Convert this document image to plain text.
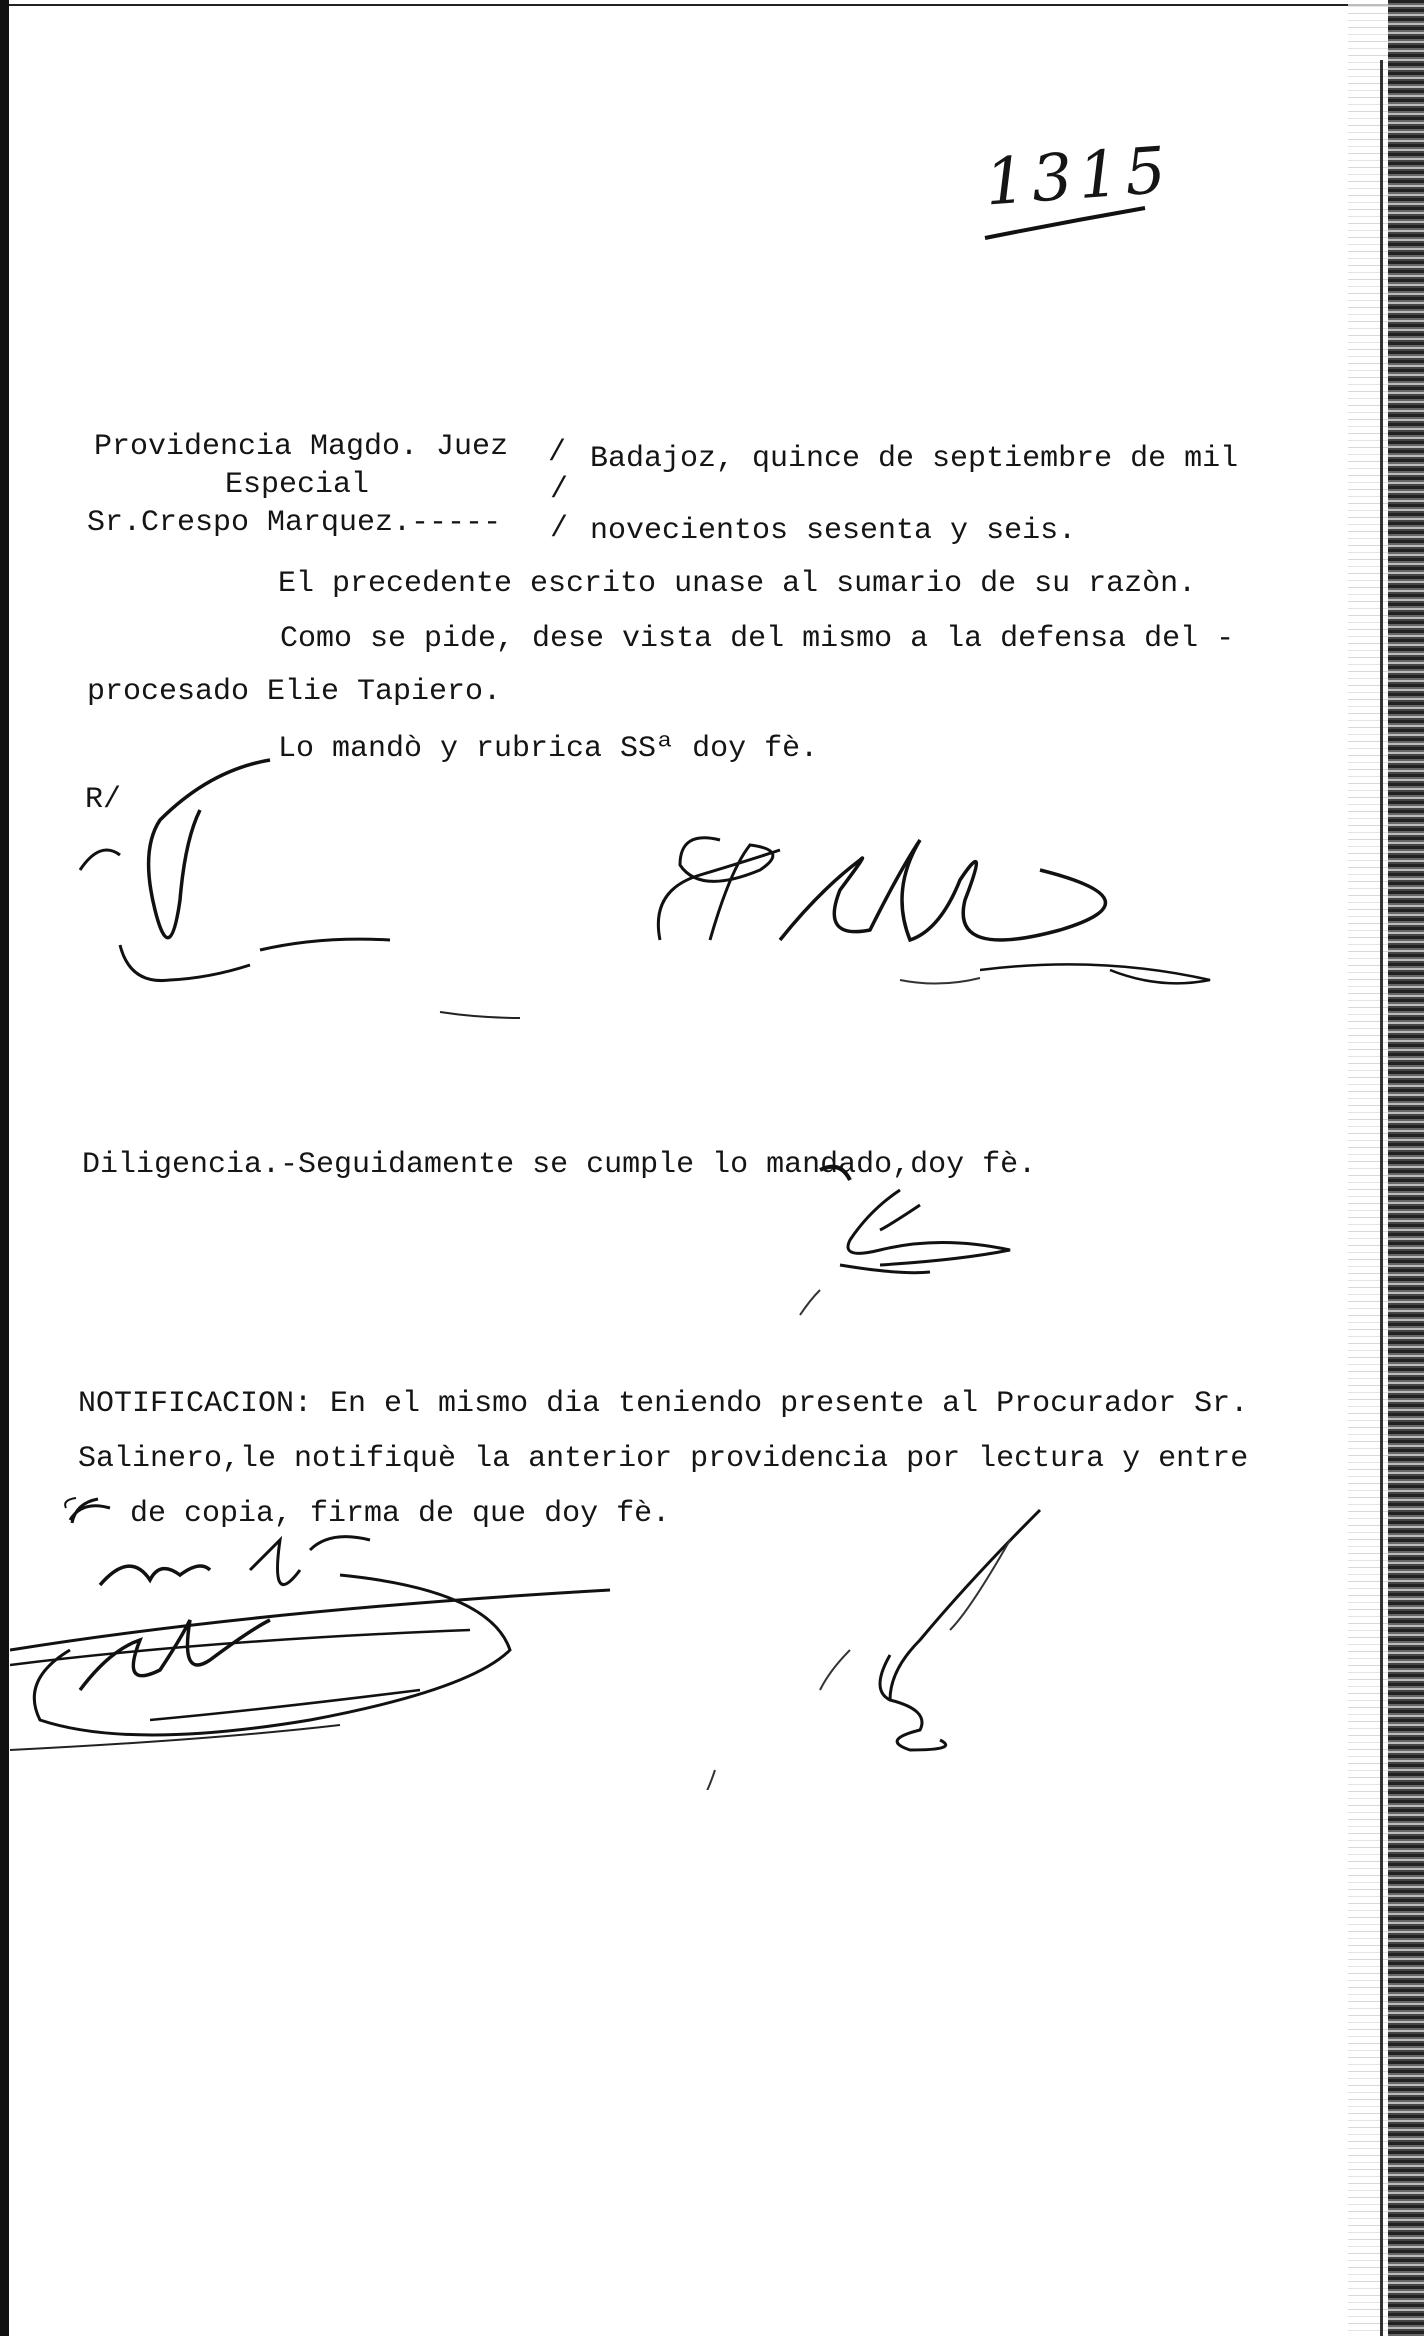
1315
Providencia Magdo. Juez
Especial
Sr.Crespo Marquez.-----
/
/
/
Badajoz, quince de septiembre de mil
novecientos sesenta y seis.
El precedente escrito unase al sumario de su razòn.
Como se pide, dese vista del mismo a la defensa del -
procesado Elie Tapiero.
Lo mandò y rubrica SSª doy fè.
R/
Diligencia.-Seguidamente se cumple lo mandado,doy fè.
NOTIFICACION: En el mismo dia teniendo presente al Procurador Sr.
Salinero,le notifiquè la anterior providencia por lectura y entre
de copia, firma de que doy fè.
